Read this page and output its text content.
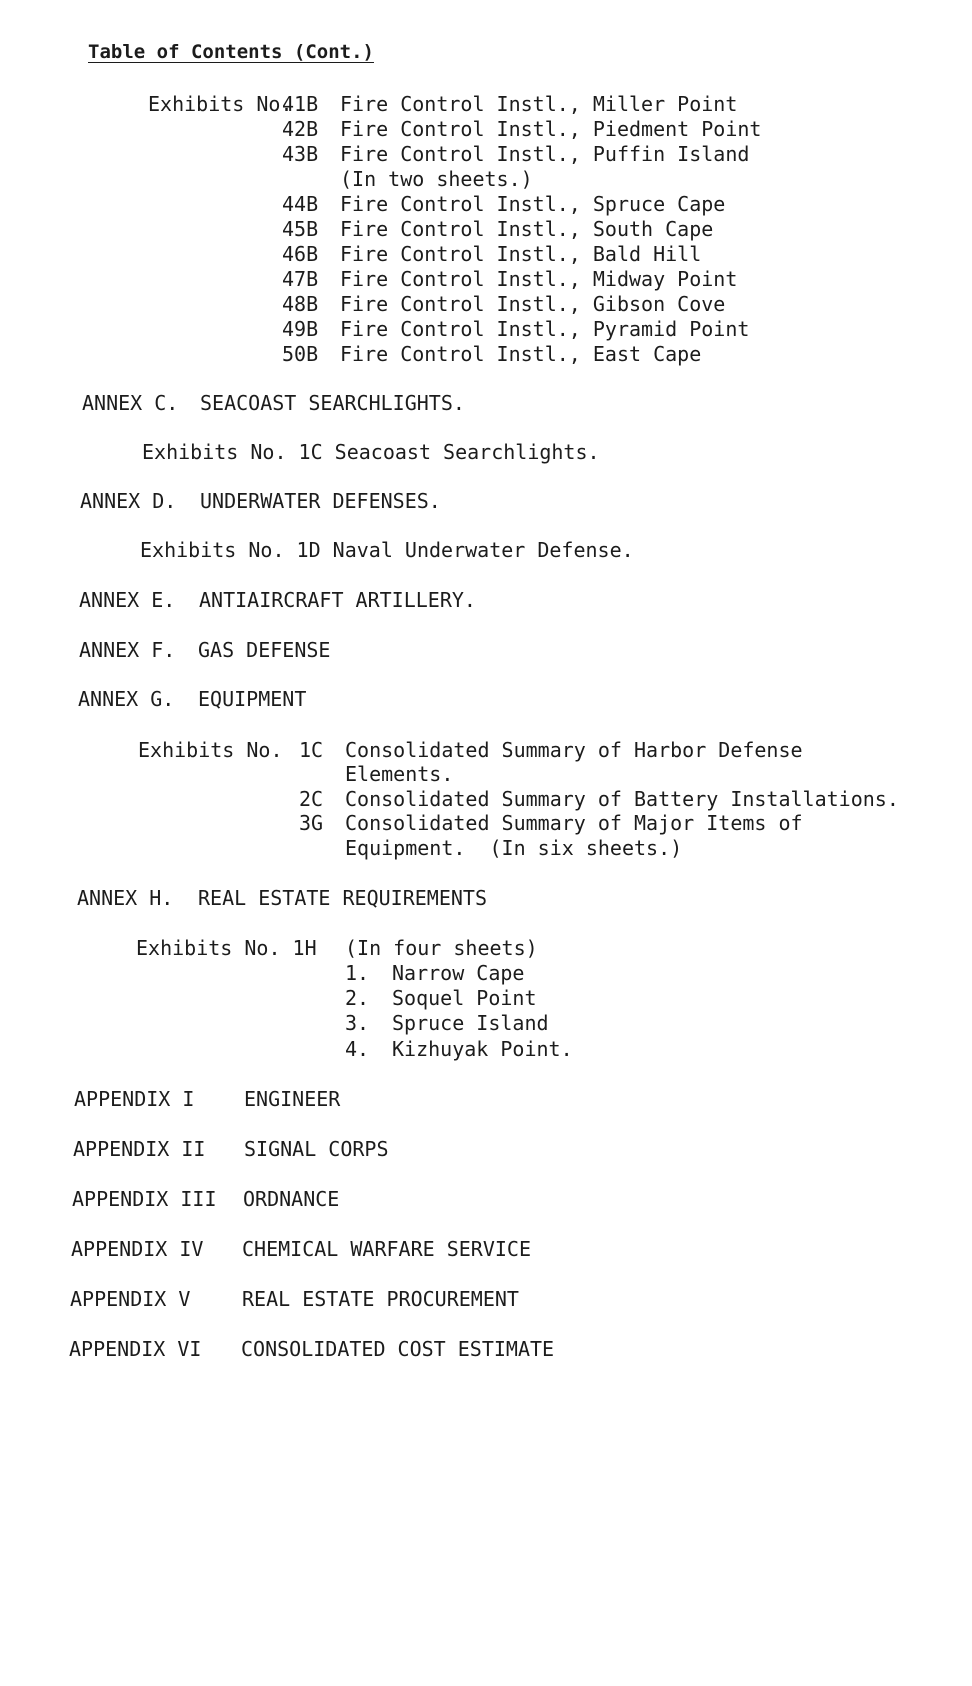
Table of Contents (Cont.)
Exhibits No.
41B Fire Control Instl., Miller Point
42B Fire Control Instl., Piedment Point
43B Fire Control Instl., Puffin Island
(In two sheets.)
44B Fire Control Instl., Spruce Cape
45B Fire Control Instl., South Cape
46B Fire Control Instl., Bald Hill
47B Fire Control Instl., Midway Point
48B Fire Control Instl., Gibson Cove
49B Fire Control Instl., Pyramid Point
50B Fire Control Instl., East Cape
ANNEX C. SEACOAST SEARCHLIGHTS.
Exhibits No. 1C Seacoast Searchlights.
ANNEX D. UNDERWATER DEFENSES.
Exhibits No. 1D Naval Underwater Defense.
ANNEX E. ANTIAIRCRAFT ARTILLERY.
ANNEX F. GAS DEFENSE
ANNEX G. EQUIPMENT
Exhibits No. 1C Consolidated Summary of Harbor Defense
Elements.
2C Consolidated Summary of Battery Installations.
3G Consolidated Summary of Major Items of
Equipment.  (In six sheets.)
ANNEX H. REAL ESTATE REQUIREMENTS
Exhibits No. 1H (In four sheets)
1. Narrow Cape
2. Soquel Point
3. Spruce Island
4. Kizhuyak Point.
APPENDIX I ENGINEER
APPENDIX II SIGNAL CORPS
APPENDIX III ORDNANCE
APPENDIX IV CHEMICAL WARFARE SERVICE
APPENDIX V	REAL ESTATE PROCUREMENT
APPENDIX VI CONSOLIDATED COST ESTIMATE
